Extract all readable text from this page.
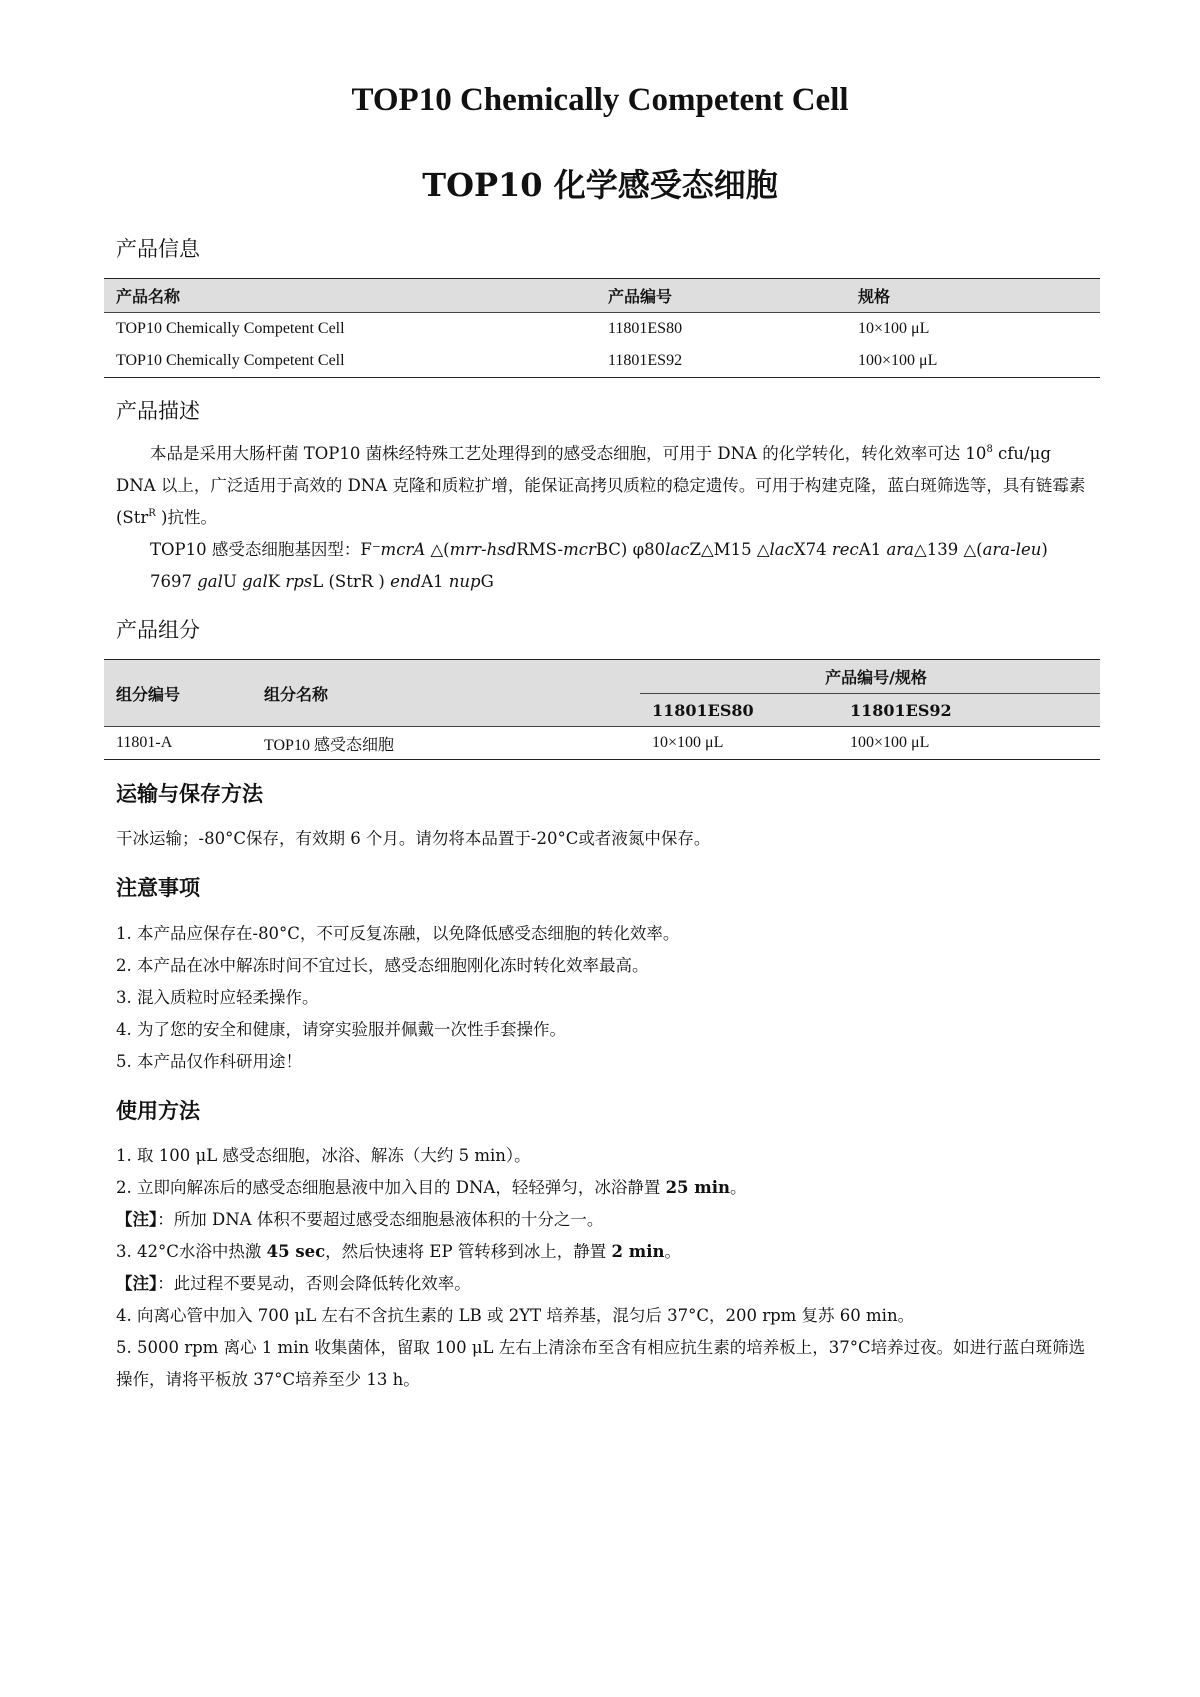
TOP10 Chemically Competent Cell
TOP10 化学感受态细胞
产品信息
产品名称	产品编号	规格
TOP10 Chemically Competent Cell	11801ES80	10×100 μL
TOP10 Chemically Competent Cell	11801ES92	100×100 μL
产品描述
本品是采用大肠杆菌 TOP10 菌株经特殊工艺处理得到的感受态细胞，可用于 DNA 的化学转化，转化效率可达 $10^8$ cfu/μg DNA 以上，广泛适用于高效的 DNA 克隆和质粒扩增，能保证高拷贝质粒的稳定遗传。可用于构建克隆，蓝白斑筛选等，具有链霉素(Str$^R$ )抗性。
TOP10 感受态细胞基因型：F⁻mcrA △(mrr-hsdRMS-mcrBC) φ80lacZ△M15 △lacX74 recA1 ara△139 △(ara-leu) 7697 galU galK rpsL (StrR ) endA1 nupG
产品组分
组分编号	组分名称	产品编号/规格	
		11801ES80	11801ES92
11801-A	TOP10 感受态细胞	10×100 μL	100×100 μL
运输与保存方法
干冰运输；-80°C保存，有效期 6 个月。请勿将本品置于-20°C或者液氮中保存。
注意事项
1. 本产品应保存在-80°C，不可反复冻融，以免降低感受态细胞的转化效率。
2. 本产品在冰中解冻时间不宜过长，感受态细胞刚化冻时转化效率最高。
3. 混入质粒时应轻柔操作。
4. 为了您的安全和健康，请穿实验服并佩戴一次性手套操作。
5. 本产品仅作科研用途！
使用方法
1. 取 100 μL 感受态细胞，冰浴、解冻（大约 5 min）。
2. 立即向解冻后的感受态细胞悬液中加入目的 DNA，轻轻弹匀，冰浴静置 25 min。
【注】：所加 DNA 体积不要超过感受态细胞悬液体积的十分之一。
3. 42°C水浴中热激 45 sec，然后快速将 EP 管转移到冰上，静置 2 min。
【注】：此过程不要晃动，否则会降低转化效率。
4. 向离心管中加入 700 μL 左右不含抗生素的 LB 或 2YT 培养基，混匀后 37°C，200 rpm 复苏 60 min。
5. 5000 rpm 离心 1 min 收集菌体，留取 100 μL 左右上清涂布至含有相应抗生素的培养板上，37°C培养过夜。如进行蓝白斑筛选操作，请将平板放 37°C培养至少 13 h。
